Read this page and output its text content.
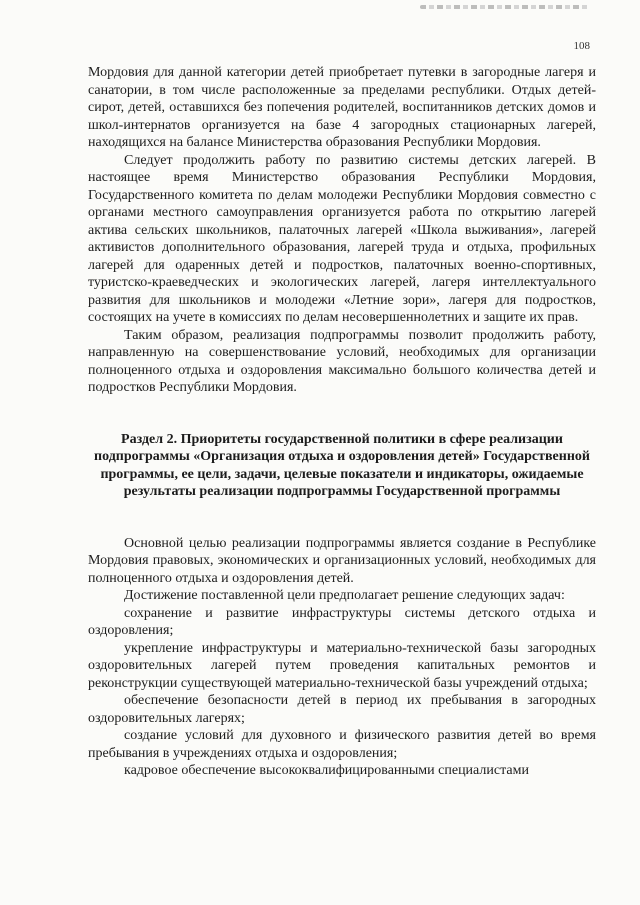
108

Мордовия для данной категории детей приобретает путевки в загородные лагеря и санатории, в том числе расположенные за пределами республики. Отдых детей-сирот, детей, оставшихся без попечения родителей, воспитанников детских домов и школ-интернатов организуется на базе 4 загородных стационарных лагерей, находящихся на балансе Министерства образования Республики Мордовия.

Следует продолжить работу по развитию системы детских лагерей. В настоящее время Министерство образования Республики Мордовия, Государственного комитета по делам молодежи Республики Мордовия совместно с органами местного самоуправления организуется работа по открытию лагерей актива сельских школьников, палаточных лагерей «Школа выживания», лагерей активистов дополнительного образования, лагерей труда и отдыха, профильных лагерей для одаренных детей и подростков, палаточных военно-спортивных, туристско-краеведческих и экологических лагерей, лагеря интеллектуального развития для школьников и молодежи «Летние зори», лагеря для подростков, состоящих на учете в комиссиях по делам несовершеннолетних и защите их прав.

Таким образом, реализация подпрограммы позволит продолжить работу, направленную на совершенствование условий, необходимых для организации полноценного отдыха и оздоровления максимально большого количества детей и подростков Республики Мордовия.

Раздел 2. Приоритеты государственной политики в сфере реализации подпрограммы «Организация отдыха и оздоровления детей» Государственной программы, ее цели, задачи, целевые показатели и индикаторы, ожидаемые результаты реализации подпрограммы Государственной программы

Основной целью реализации подпрограммы является создание в Республике Мордовия правовых, экономических и организационных условий, необходимых для полноценного отдыха и оздоровления детей.

Достижение поставленной цели предполагает решение следующих задач:

сохранение и развитие инфраструктуры системы детского отдыха и оздоровления;

укрепление инфраструктуры и материально-технической базы загородных оздоровительных лагерей путем проведения капитальных ремонтов и реконструкции существующей материально-технической базы учреждений отдыха;

обеспечение безопасности детей в период их пребывания в загородных оздоровительных лагерях;

создание условий для духовного и физического развития детей во время пребывания в учреждениях отдыха и оздоровления;

кадровое обеспечение высококвалифицированными специалистами
